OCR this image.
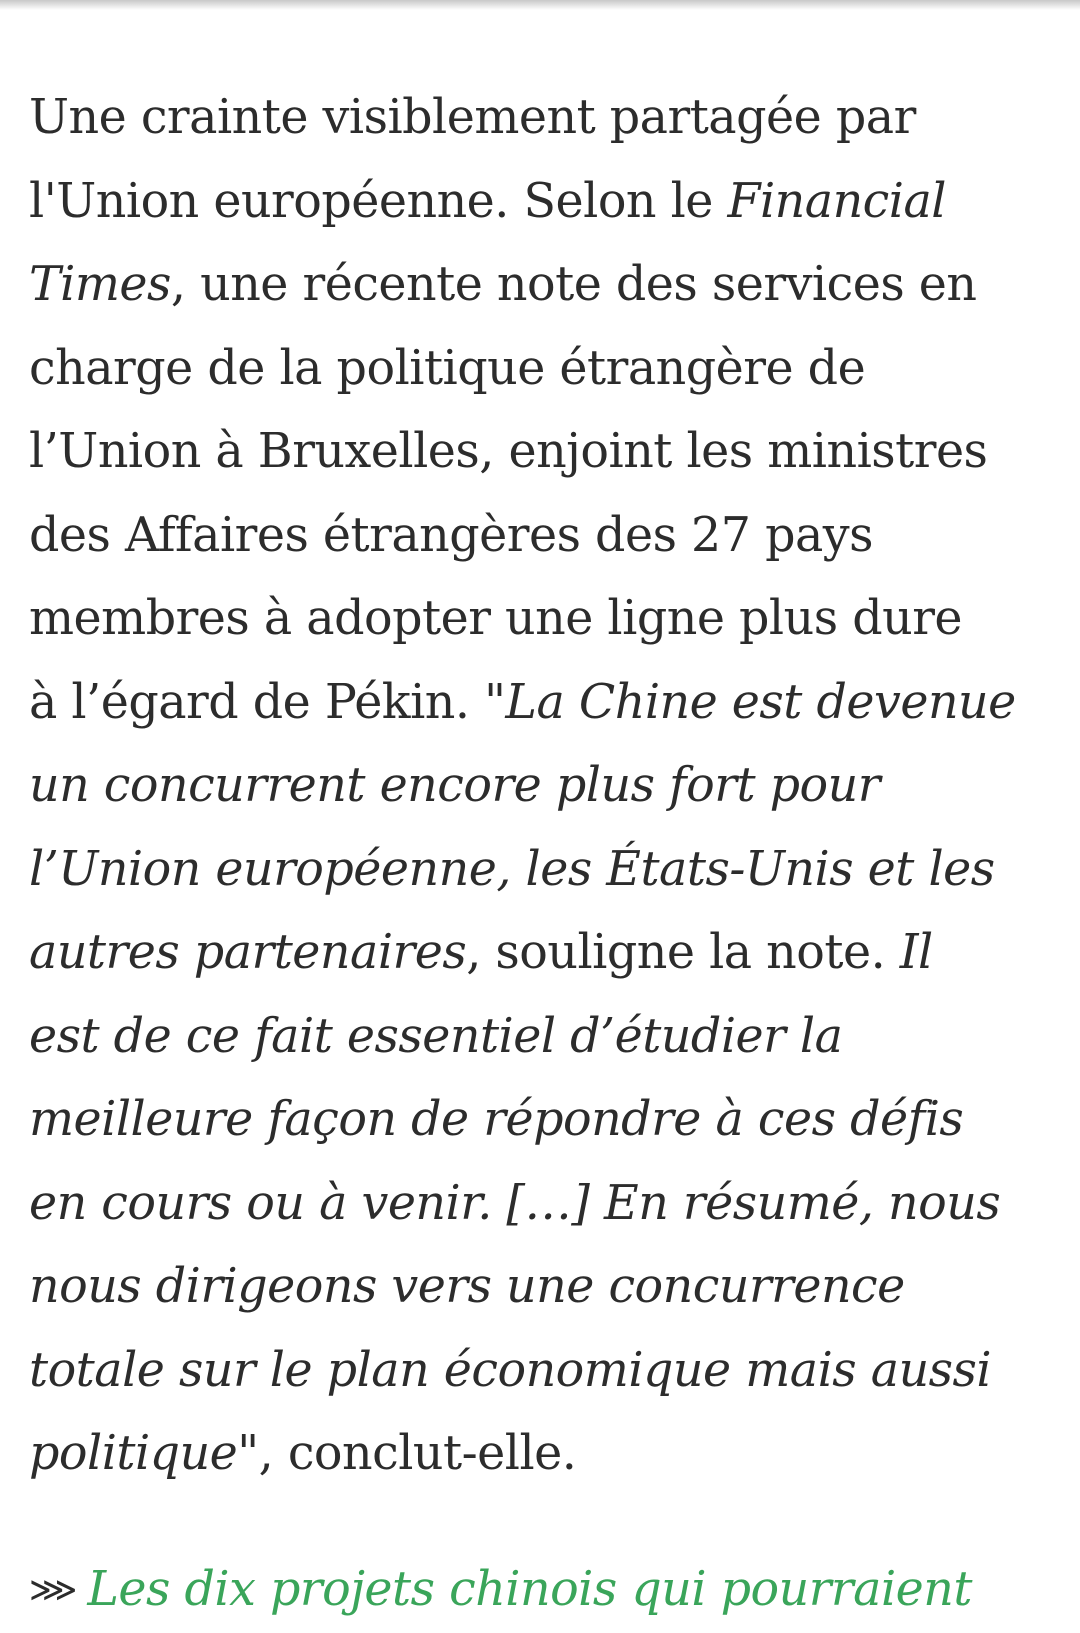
Une crainte visiblement partagée par
l'Union européenne. Selon le Financial
Times, une récente note des services en
charge de la politique étrangère de
l’Union à Bruxelles, enjoint les ministres
des Affaires étrangères des 27 pays
membres à adopter une ligne plus dure
à l’égard de Pékin. "La Chine est devenue
un concurrent encore plus fort pour
l’Union européenne, les États-Unis et les
autres partenaires, souligne la note. Il
est de ce fait essentiel d’étudier la
meilleure façon de répondre à ces défis
en cours ou à venir. […] En résumé, nous
nous dirigeons vers une concurrence
totale sur le plan économique mais aussi
politique", conclut-elle.

⋙ Les dix projets chinois qui pourraient
